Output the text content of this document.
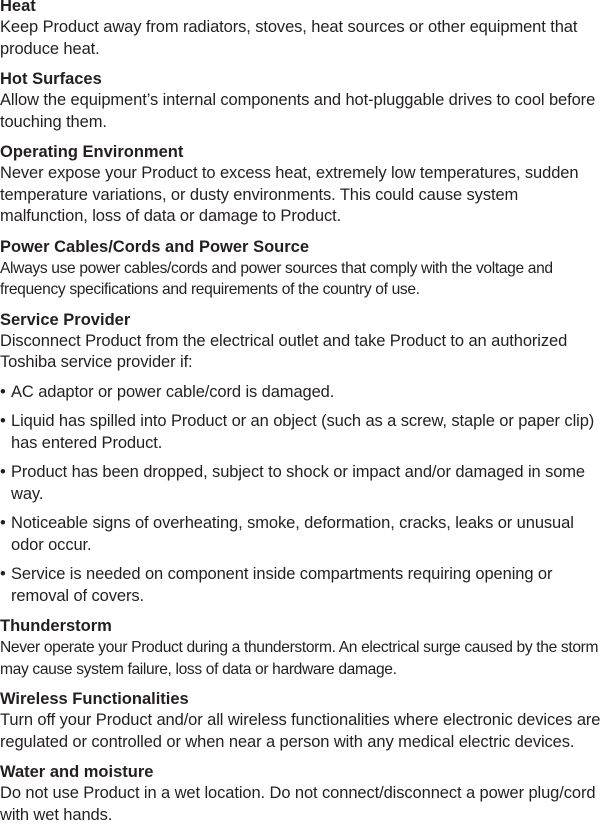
Heat

Keep Product away from radiators, stoves, heat sources or other equipment that produce heat.

Hot Surfaces

Allow the equipment’s internal components and hot-pluggable drives to cool before touching them.

Operating Environment

Never expose your Product to excess heat, extremely low temperatures, sudden temperature variations, or dusty environments. This could cause system malfunction, loss of data or damage to Product.

Power Cables/Cords and Power Source

Always use power cables/cords and power sources that comply with the voltage and frequency specifications and requirements of the country of use.

Service Provider

Disconnect Product from the electrical outlet and take Product to an authorized Toshiba service provider if:

• AC adaptor or power cable/cord is damaged.
• Liquid has spilled into Product or an object (such as a screw, staple or paper clip) has entered Product.
• Product has been dropped, subject to shock or impact and/or damaged in some way.
• Noticeable signs of overheating, smoke, deformation, cracks, leaks or unusual odor occur.
• Service is needed on component inside compartments requiring opening or removal of covers.
Thunderstorm

Never operate your Product during a thunderstorm. An electrical surge caused by the storm may cause system failure, loss of data or hardware damage.

Wireless Functionalities

Turn off your Product and/or all wireless functionalities where electronic devices are regulated or controlled or when near a person with any medical electric devices.

Water and moisture

Do not use Product in a wet location. Do not connect/disconnect a power plug/cord with wet hands.
